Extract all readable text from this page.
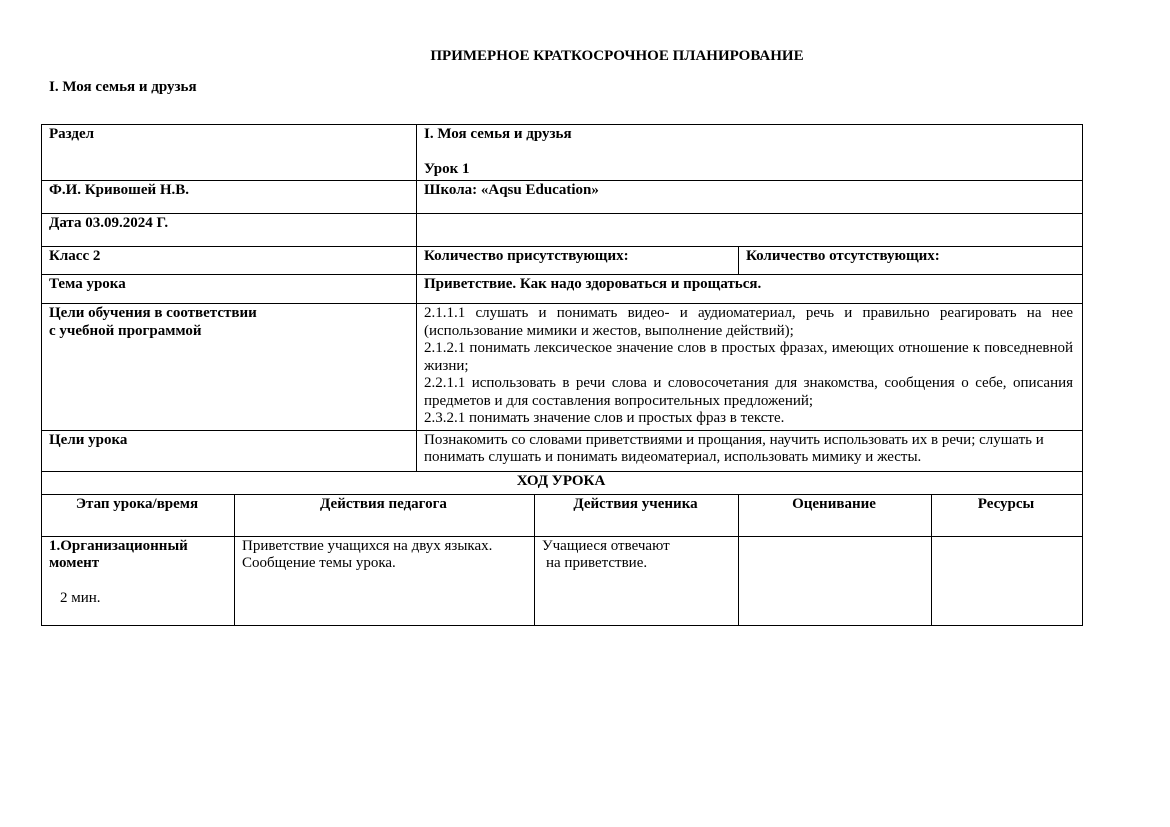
ПРИМЕРНОЕ КРАТКОСРОЧНОЕ ПЛАНИРОВАНИЕ
I. Моя семья и друзья
Раздел	I. Моя семья и друзья
Урок 1

Ф.И. Кривошей Н.В.	Школа: «Aqsu Education»
Дата 03.09.2024 Г.	
Класс 2	Количество присутствующих:	Количество отсутствующих:
Тема урока	Приветствие. Как надо здороваться и прощаться.

Цели обучения в соответствии
с учебной программой

2.1.1.1 слушать и понимать видео- и аудиоматериал, речь и правильно реагировать на нее (использование мимики и жестов, выполнение действий);
2.1.2.1 понимать лексическое значение слов в простых фразах, имеющих отношение к повседневной жизни;
2.2.1.1 использовать в речи слова и словосочетания для знакомства, сообщения о себе, описания предметов и для составления вопросительных предложений;
2.3.2.1 понимать значение слов и простых фраз в тексте.

Цели урока	Познакомить со словами приветствиями и прощания, научить использовать их в речи; слушать и понимать слушать и понимать видеоматериал, использовать мимику и жесты.
ХОД УРОКА
Этап урока/время	Действия педагога	Действия ученика	Оценивание	Ресурсы

1.Организационный
момент
2 мин.

Приветствие учащихся на двух языках.
Сообщение темы урока.

Учащиеся отвечают
на приветствие.
